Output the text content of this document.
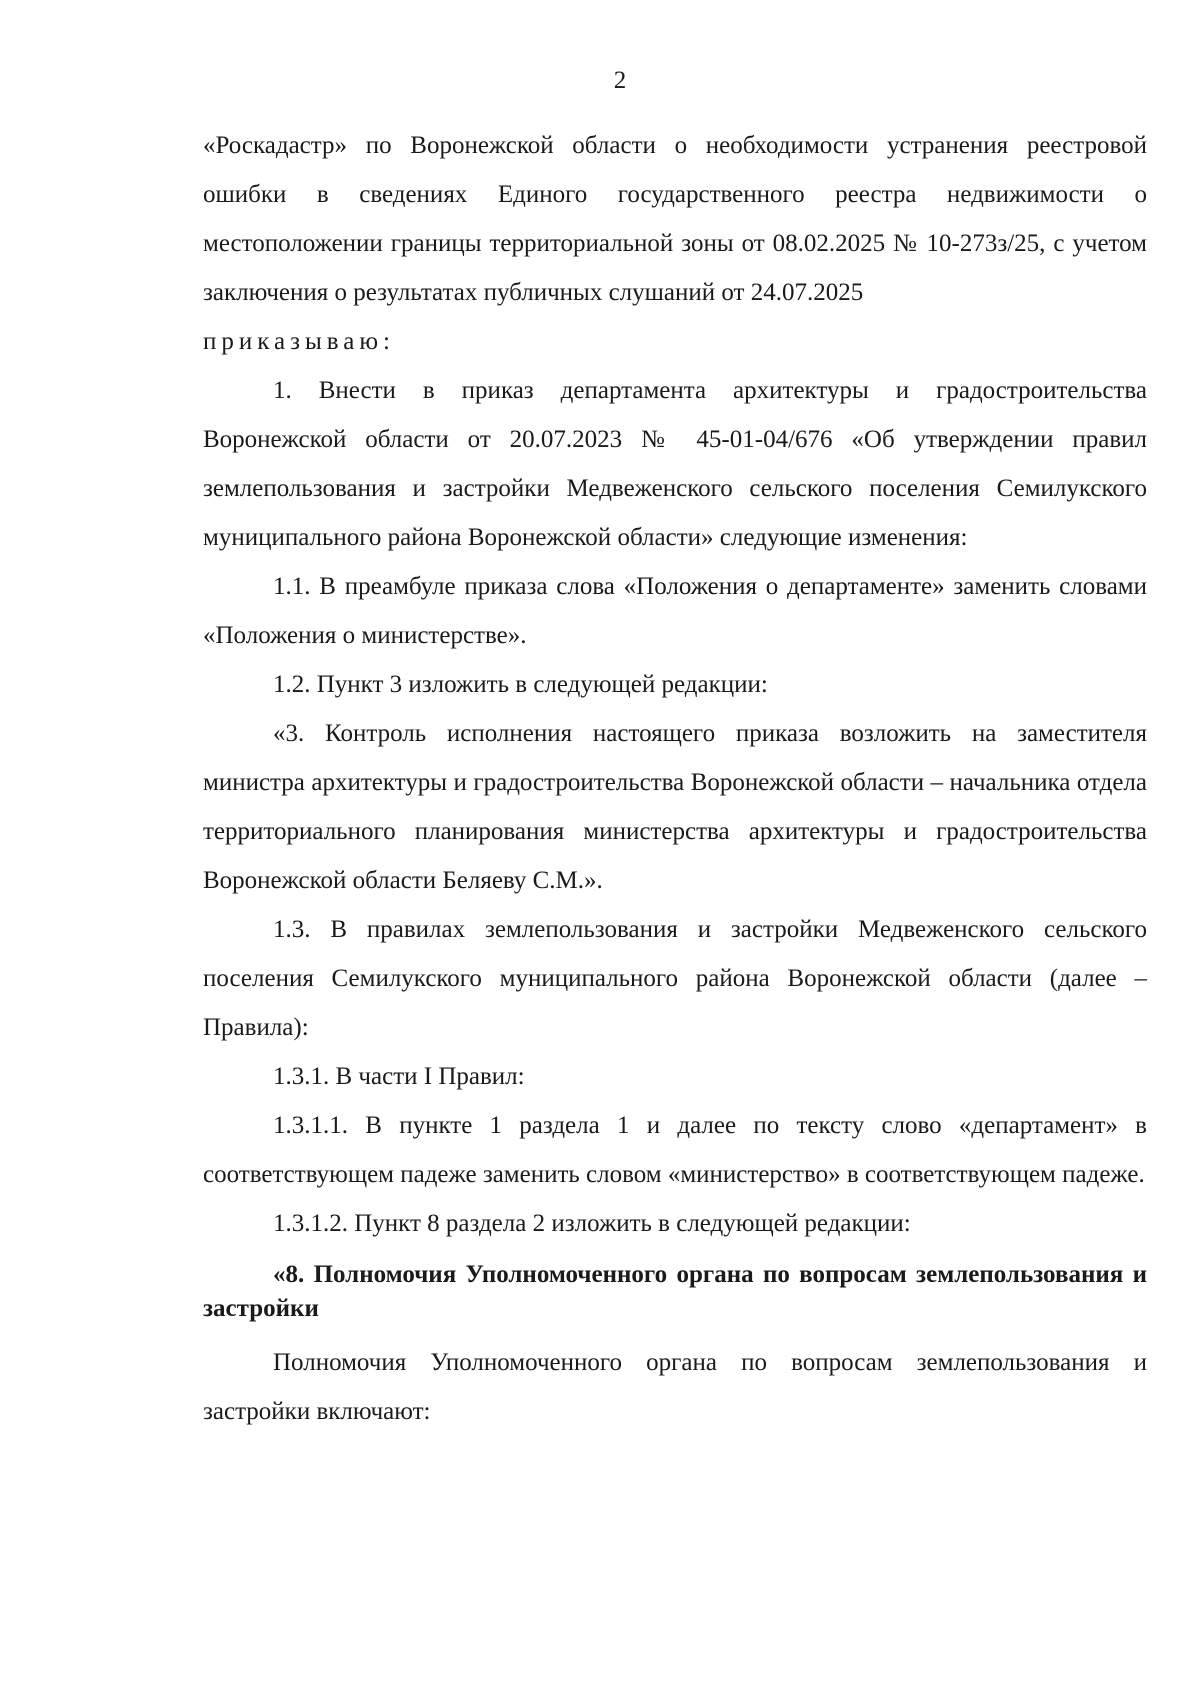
2

«Роскадастр» по Воронежской области о необходимости устранения реестровой ошибки в сведениях Единого государственного реестра недвижимости о местоположении границы территориальной зоны от 08.02.2025 № 10-273з/25, с учетом заключения о результатах публичных слушаний от 24.07.2025

приказываю:

1. Внести в приказ департамента архитектуры и градостроительства Воронежской области от 20.07.2023 № 45-01-04/676 «Об утверждении правил землепользования и застройки Медвеженского сельского поселения Семилукского муниципального района Воронежской области» следующие изменения:

1.1. В преамбуле приказа слова «Положения о департаменте» заменить словами «Положения о министерстве».

1.2. Пункт 3 изложить в следующей редакции:

«3. Контроль исполнения настоящего приказа возложить на заместителя министра архитектуры и градостроительства Воронежской области – начальника отдела территориального планирования министерства архитектуры и градостроительства Воронежской области Беляеву С.М.».

1.3. В правилах землепользования и застройки Медвеженского сельского поселения Семилукского муниципального района Воронежской области (далее – Правила):

1.3.1. В части I Правил:

1.3.1.1. В пункте 1 раздела 1 и далее по тексту слово «департамент» в соответствующем падеже заменить словом «министерство» в соответствующем падеже.

1.3.1.2. Пункт 8 раздела 2 изложить в следующей редакции:

«8. Полномочия Уполномоченного органа по вопросам землепользования и застройки

Полномочия Уполномоченного органа по вопросам землепользования и застройки включают:
